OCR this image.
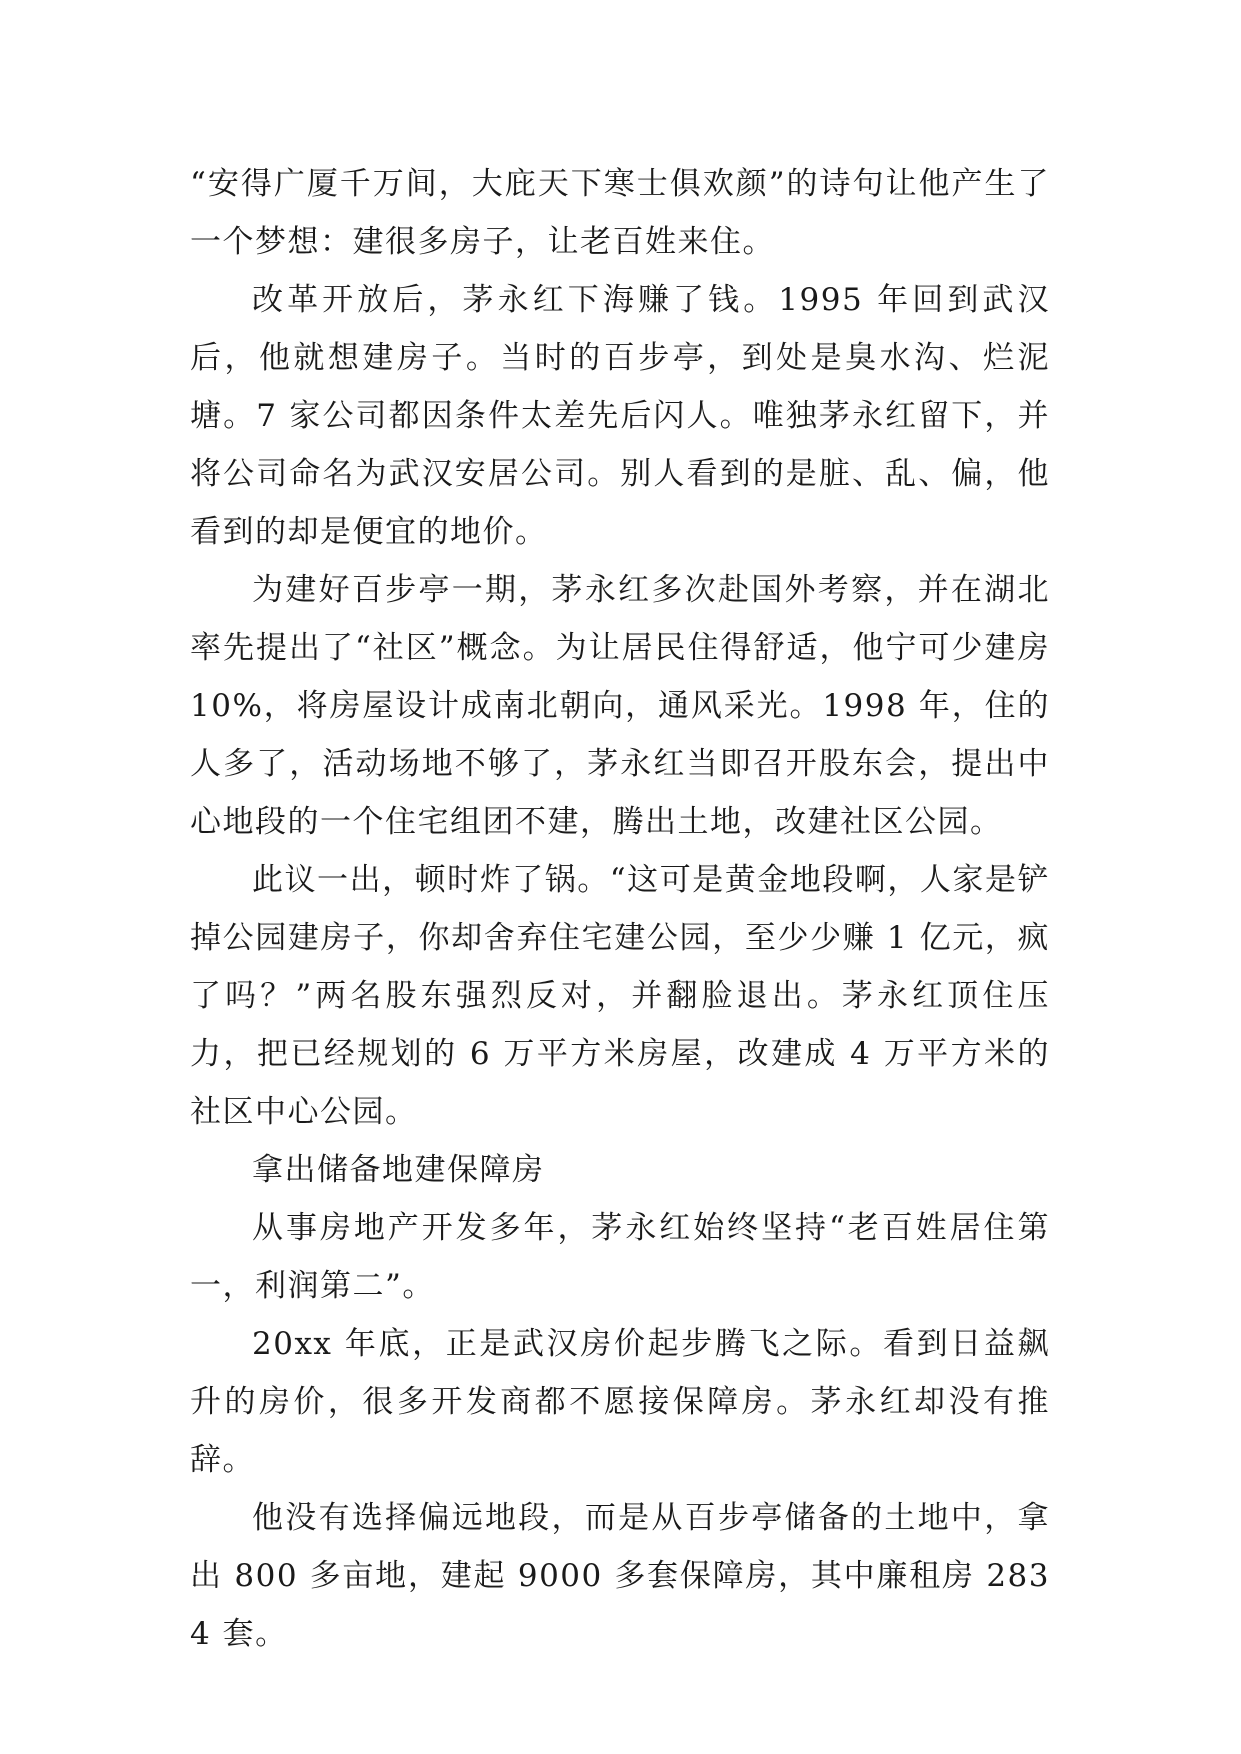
“安得广厦千万间，大庇天下寒士俱欢颜”的诗句让他产生了一个梦想：建很多房子，让老百姓来住。

改革开放后，茅永红下海赚了钱。1995 年回到武汉后，他就想建房子。当时的百步亭，到处是臭水沟、烂泥塘。7 家公司都因条件太差先后闪人。唯独茅永红留下，并将公司命名为武汉安居公司。别人看到的是脏、乱、偏，他看到的却是便宜的地价。

为建好百步亭一期，茅永红多次赴国外考察，并在湖北率先提出了“社区”概念。为让居民住得舒适，他宁可少建房 10%，将房屋设计成南北朝向，通风采光。1998 年，住的人多了，活动场地不够了，茅永红当即召开股东会，提出中心地段的一个住宅组团不建，腾出土地，改建社区公园。

此议一出，顿时炸了锅。“这可是黄金地段啊，人家是铲掉公园建房子，你却舍弃住宅建公园，至少少赚 1 亿元，疯了吗？”两名股东强烈反对，并翻脸退出。茅永红顶住压力，把已经规划的 6 万平方米房屋，改建成 4 万平方米的社区中心公园。

拿出储备地建保障房

从事房地产开发多年，茅永红始终坚持“老百姓居住第一，利润第二”。

20xx 年底，正是武汉房价起步腾飞之际。看到日益飙升的房价，很多开发商都不愿接保障房。茅永红却没有推辞。

他没有选择偏远地段，而是从百步亭储备的土地中，拿出 800 多亩地，建起 9000 多套保障房，其中廉租房 2834 套。
